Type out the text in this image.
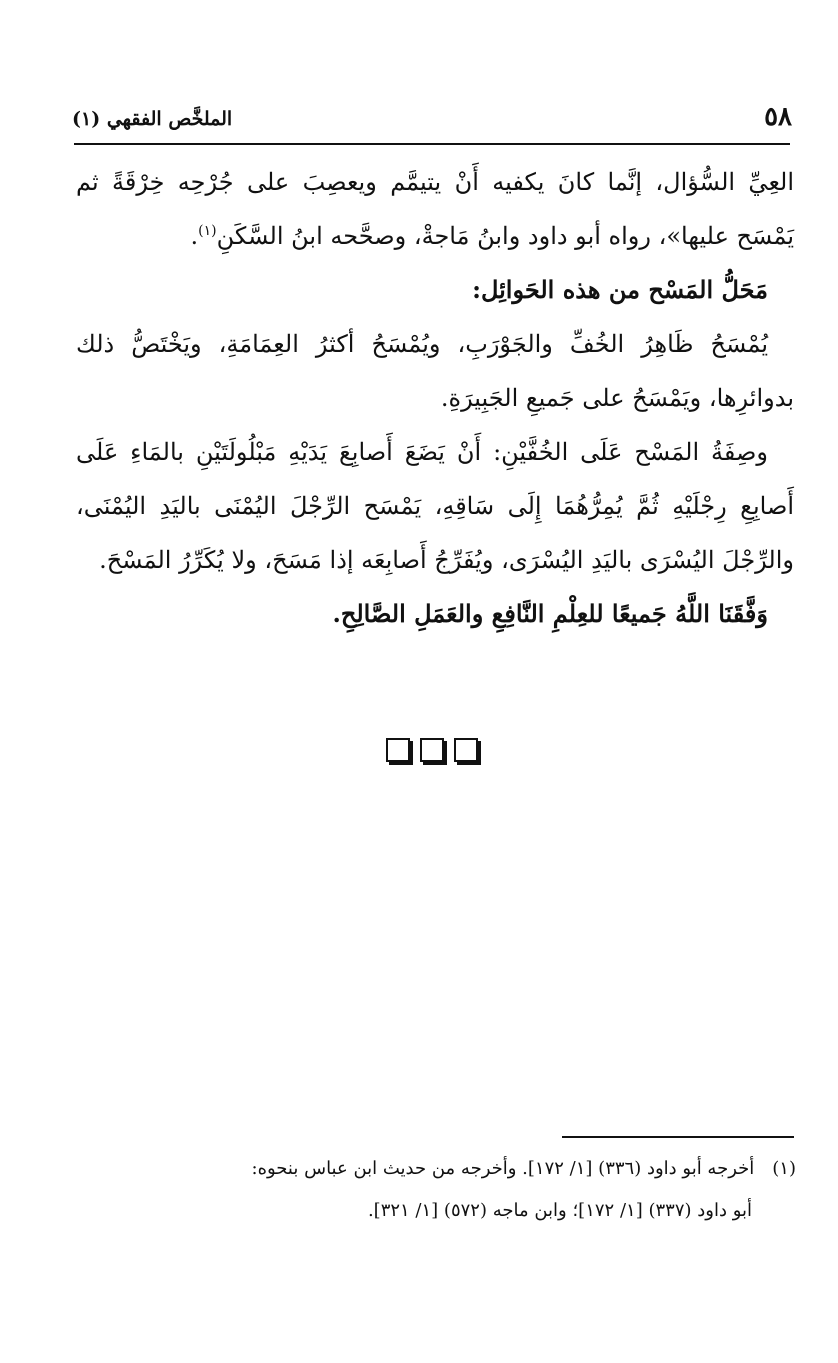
٥٨
الملخَّص الفقهي (١)

العِيِّ السُّؤال، إنَّما كانَ يكفيه أَنْ يتيمَّم ويعصِبَ على جُرْحِه خِرْقَةً ثم يَمْسَح عليها»، رواه أبو داود وابنُ مَاجةْ، وصحَّحه ابنُ السَّكَنِ$^{(١)}$.

مَحَلُّ المَسْح من هذه الحَوائِل:

يُمْسَحُ ظَاهِرُ الخُفِّ والجَوْرَبِ، ويُمْسَحُ أكثرُ العِمَامَةِ، ويَخْتَصُّ ذلك بدوائرِها، ويَمْسَحُ على جَميعِ الجَبِيرَةِ.

وصِفَةُ المَسْح عَلَى الخُفَّيْنِ: أَنْ يَضَعَ أَصابِعَ يَدَيْهِ مَبْلُولَتَيْنِ بالمَاءِ عَلَى أَصابِعِ رِجْلَيْهِ ثُمَّ يُمِرُّهُمَا إِلَى سَاقِهِ، يَمْسَح الرِّجْلَ اليُمْنَى باليَدِ اليُمْنَى، والرِّجْلَ اليُسْرَى باليَدِ اليُسْرَى، ويُفَرِّجُ أَصابِعَه إذا مَسَحَ، ولا يُكَرِّرُ المَسْحَ.

وَفَّقَنَا اللَّهُ جَميعًا للعِلْمِ النَّافِعِ والعَمَلِ الصَّالِحِ.

(١)أخرجه أبو داود (٣٣٦) [١/ ١٧٢]. وأخرجه من حديث ابن عباس بنحوه:

أبو داود (٣٣٧) [١/ ١٧٢]؛ وابن ماجه (٥٧٢) [١/ ٣٢١].
